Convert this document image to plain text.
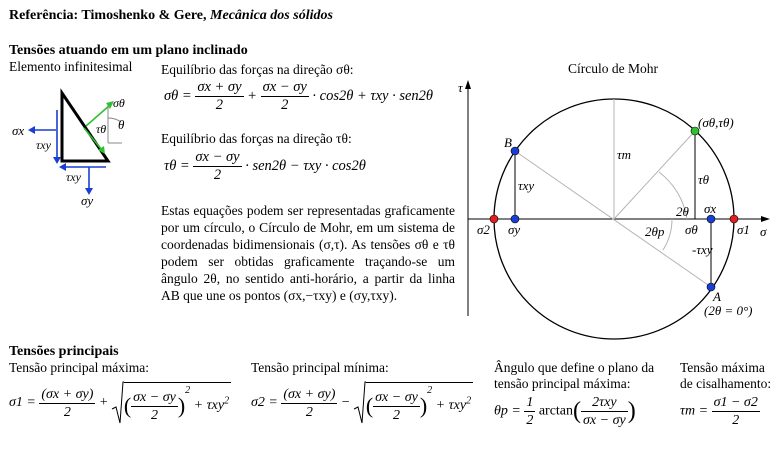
Referência: Timoshenko & Gere, Mecânica dos sólidos
Tensões atuando em um plano inclinado
Elemento infinitesimal
σx
τxy
τxy
σy
σθ
τθ θ
Equilíbrio das forças na direção σθ:
$\sigma\theta = \frac{\sigma x + \sigma y}{2} + \frac{\sigma x - \sigma y}{2} \cdot \cos 2\theta + \tau xy \cdot sen2\theta$
Equilíbrio das forças na direção τθ:
$\tau\theta = \frac{\sigma x - \sigma y}{2} \cdot sen2\theta - \tau xy \cdot \cos 2\theta$
Estas equações podem ser representadas graficamente por um círculo, o Círculo de Mohr, em um sistema de coordenadas bidimensionais (σ,τ). As tensões σθ e τθ podem ser obtidas graficamente traçando-se um ângulo 2θ, no sentido anti-horário, a partir da linha AB que une os pontos (σx,−τxy) e (σy,τxy).
Círculo de Mohr
τ
σ
B
A
(2θ = 0°)
(σθ,τθ)
τm
τxy	τθ
-τxy
2θ
2θp
σ2 σy	σθ
σx
σ1
Tensões principais
Tensão principal máxima:	Tensão principal mínima:	Ângulo que define o plano da
tensão principal máxima:
Tensão máxima
de cisalhamento:
$\sigma 1 = \frac{(\sigma x + \sigma y)}{2}$ + ( $\frac{\sigma x - \sigma y}{2} )^2 + \tau xy^2$ $\sigma 2 = \frac{(\sigma x + \sigma y)}{2}$ − ( $\frac{\sigma x - \sigma y}{2} )^2 + \tau xy^2$
$\theta p = \frac{1}{2} \arctan( \frac{\text{2τxy}}{\sigma x - \sigma y}$ )	$\tau m = \frac{\sigma 1 - \sigma 2}{2}$
